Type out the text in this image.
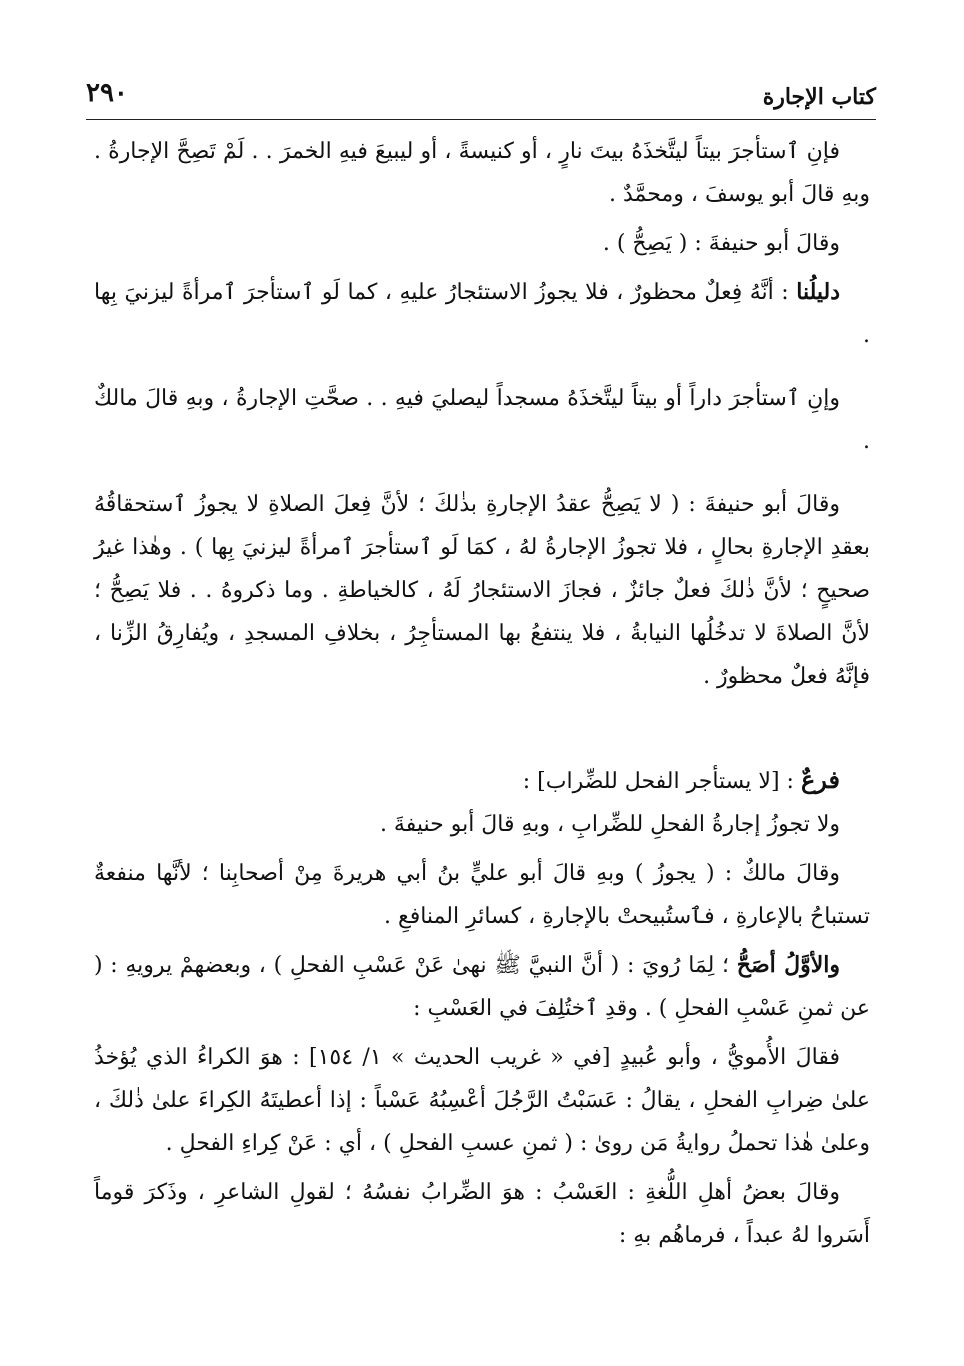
كتاب الإجارة
٢٩٠

فإنِ ٱستأجرَ بيتاً ليتَّخذَهُ بيتَ نارٍ ، أو كنيسةً ، أو ليبيعَ فيهِ الخمرَ . . لَمْ تَصِحَّ الإجارةُ . وبهِ قالَ أبو يوسفَ ، ومحمَّدٌ .

وقالَ أبو حنيفةَ : ( يَصِحُّ ) .

دليلُنا : أنَّهُ فِعلٌ محظورٌ ، فلا يجوزُ الاستئجارُ عليهِ ، كما لَو ٱستأجرَ ٱمرأةً ليزنيَ بِها .

وإنِ ٱستأجرَ داراً أو بيتاً ليتَّخذَهُ مسجداً ليصليَ فيهِ . . صحَّتِ الإجارةُ ، وبهِ قالَ مالكٌ .

وقالَ أبو حنيفةَ : ( لا يَصِحُّ عقدُ الإجارةِ بذٰلكَ ؛ لأنَّ فِعلَ الصلاةِ لا يجوزُ ٱستحقاقُهُ بعقدِ الإجارةِ بحالٍ ، فلا تجوزُ الإجارةُ لهُ ، كمَا لَو ٱستأجرَ ٱمرأةً ليزنيَ بِها ) . وهٰذا غيرُ صحيحٍ ؛ لأنَّ ذٰلكَ فعلٌ جائزٌ ، فجازَ الاستئجارُ لَهُ ، كالخياطةِ . وما ذكروهُ . . فلا يَصِحُّ ؛ لأنَّ الصلاةَ لا تدخُلُها النيابةُ ، فلا ينتفعُ بها المستأجِرُ ، بخلافِ المسجدِ ، ويُفارِقُ الزِّنا ، فإنَّهُ فعلٌ محظورٌ .

فرعٌ : [لا يستأجر الفحل للضِّراب] :

ولا تجوزُ إجارةُ الفحلِ للضِّرابِ ، وبهِ قالَ أبو حنيفةَ .

وقالَ مالكٌ : ( يجوزُ ) وبهِ قالَ أبو عليٍّ بنُ أبي هريرةَ مِنْ أصحابِنا ؛ لأنَّها منفعةٌ تستباحُ بالإعارةِ ، فٱستُبيحتْ بالإجارةِ ، كسائرِ المنافعِ .

والأوَّلُ أصَحُّ ؛ لِمَا رُويَ : ( أنَّ النبيَّ ﷺ نهىٰ عَنْ عَسْبِ الفحلِ ) ، وبعضهمْ يرويهِ : ( عن ثمنِ عَسْبِ الفحلِ ) . وقدِ ٱختُلِفَ في العَسْبِ :

فقالَ الأُمويُّ ، وأبو عُبيدٍ [في « غريب الحديث » ١/ ١٥٤] : هوَ الكراءُ الذي يُؤخذُ علىٰ ضِرابِ الفحلِ ، يقالُ : عَسَبْتُ الرَّجُلَ أعْسِبُهُ عَسْباً : إذا أعطيتَهُ الكِراءَ علىٰ ذٰلكَ ، وعلىٰ هٰذا تحملُ روايةُ مَن روىٰ : ( ثمنِ عسبِ الفحلِ ) ، أي : عَنْ كِراءِ الفحلِ .

وقالَ بعضُ أهلِ اللُّغةِ : العَسْبُ : هوَ الضِّرابُ نفسُهُ ؛ لقولِ الشاعرِ ، وذَكرَ قوماً أَسَروا لهُ عبداً ، فرماهُم بهِ :
